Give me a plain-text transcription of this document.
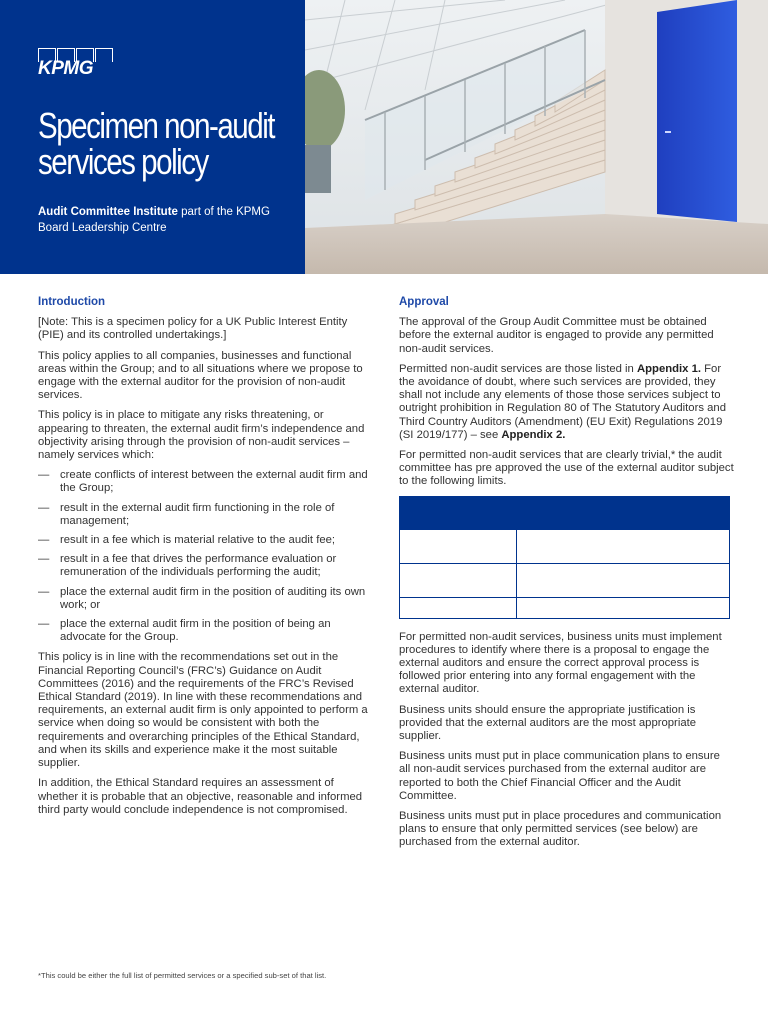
KPMG
Specimen non-audit services policy

Audit Committee Institute part of the KPMG Board Leadership Centre

Introduction

[Note: This is a specimen policy for a UK Public Interest Entity (PIE) and its controlled undertakings.]

This policy applies to all companies, businesses and functional areas within the Group; and to all situations where we propose to engage with the external auditor for the provision of non-audit services.

This policy is in place to mitigate any risks threatening, or appearing to threaten, the external audit firm’s independence and objectivity arising through the provision of non-audit services – namely services which:

— create conflicts of interest between the external audit firm and the Group;
— result in the external audit firm functioning in the role of management;
— result in a fee which is material relative to the audit fee;
— result in a fee that drives the performance evaluation or remuneration of the individuals performing the audit;
— place the external audit firm in the position of auditing its own work; or
— place the external audit firm in the position of being an advocate for the Group.

This policy is in line with the recommendations set out in the Financial Reporting Council’s (FRC’s) Guidance on Audit Committees (2016) and the requirements of the FRC’s Revised Ethical Standard (2019). In line with these recommendations and requirements, an external audit firm is only appointed to perform a service when doing so would be consistent with both the requirements and overarching principles of the Ethical Standard, and when its skills and experience make it the most suitable supplier.

In addition, the Ethical Standard requires an assessment of whether it is probable that an objective, reasonable and informed third party would conclude independence is not compromised.

Approval

The approval of the Group Audit Committee must be obtained before the external auditor is engaged to provide any permitted non-audit services.

Permitted non-audit services are those listed in Appendix 1. For the avoidance of doubt, where such services are provided, they shall not include any elements of those those services subject to outright prohibition in Regulation 80 of The Statutory Auditors and Third Country Auditors (Amendment) (EU Exit) Regulations 2019 (SI 2019/177) – see Appendix 2.

For permitted non-audit services that are clearly trivial,* the audit committee has pre approved the use of the external auditor subject to the following limits.

For permitted non-audit services, business units must implement procedures to identify where there is a proposal to engage the external auditors and ensure the correct approval process is followed prior entering into any formal engagement with the external auditor.

Business units should ensure the appropriate justification is provided that the external auditors are the most appropriate supplier.

Business units must put in place communication plans to ensure all non-audit services purchased from the external auditor are reported to both the Chief Financial Officer and the Audit Committee.

Business units must put in place procedures and communication plans to ensure that only permitted services (see below) are purchased from the external auditor.

*This could be either the full list of permitted services or a specified sub-set of that list.
